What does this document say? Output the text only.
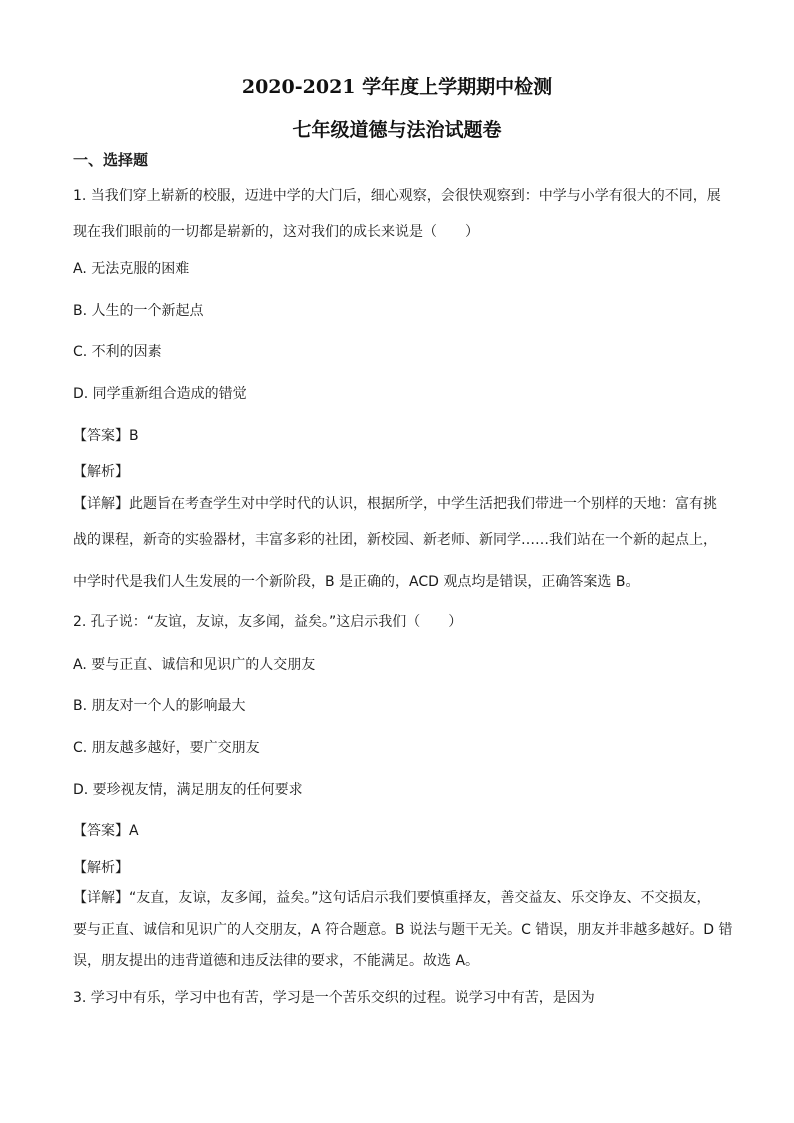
2020-2021 学年度上学期期中检测
七年级道德与法治试题卷
一、选择题
1. 当我们穿上崭新的校服，迈进中学的大门后，细心观察，会很快观察到：中学与小学有很大的不同，展
现在我们眼前的一切都是崭新的，这对我们的成长来说是（　　）
A. 无法克服的困难
B. 人生的一个新起点
C. 不利的因素
D. 同学重新组合造成的错觉
【答案】B
【解析】
【详解】此题旨在考查学生对中学时代的认识，根据所学，中学生活把我们带进一个别样的天地：富有挑
战的课程，新奇的实验器材，丰富多彩的社团，新校园、新老师、新同学……我们站在一个新的起点上，
中学时代是我们人生发展的一个新阶段，B 是正确的，ACD 观点均是错误，正确答案选 B。
2. 孔子说：“友谊，友谅，友多闻，益矣。”这启示我们（　　）
A. 要与正直、诚信和见识广的人交朋友
B. 朋友对一个人的影响最大
C. 朋友越多越好，要广交朋友
D. 要珍视友情，满足朋友的任何要求
【答案】A
【解析】
【详解】“友直，友谅，友多闻，益矣。”这句话启示我们要慎重择友，善交益友、乐交诤友、不交损友，
要与正直、诚信和见识广的人交朋友，A 符合题意。B 说法与题干无关。C 错误，朋友并非越多越好。D 错
误，朋友提出的违背道德和违反法律的要求，不能满足。故选 A。
3. 学习中有乐，学习中也有苦，学习是一个苦乐交织的过程。说学习中有苦，是因为
